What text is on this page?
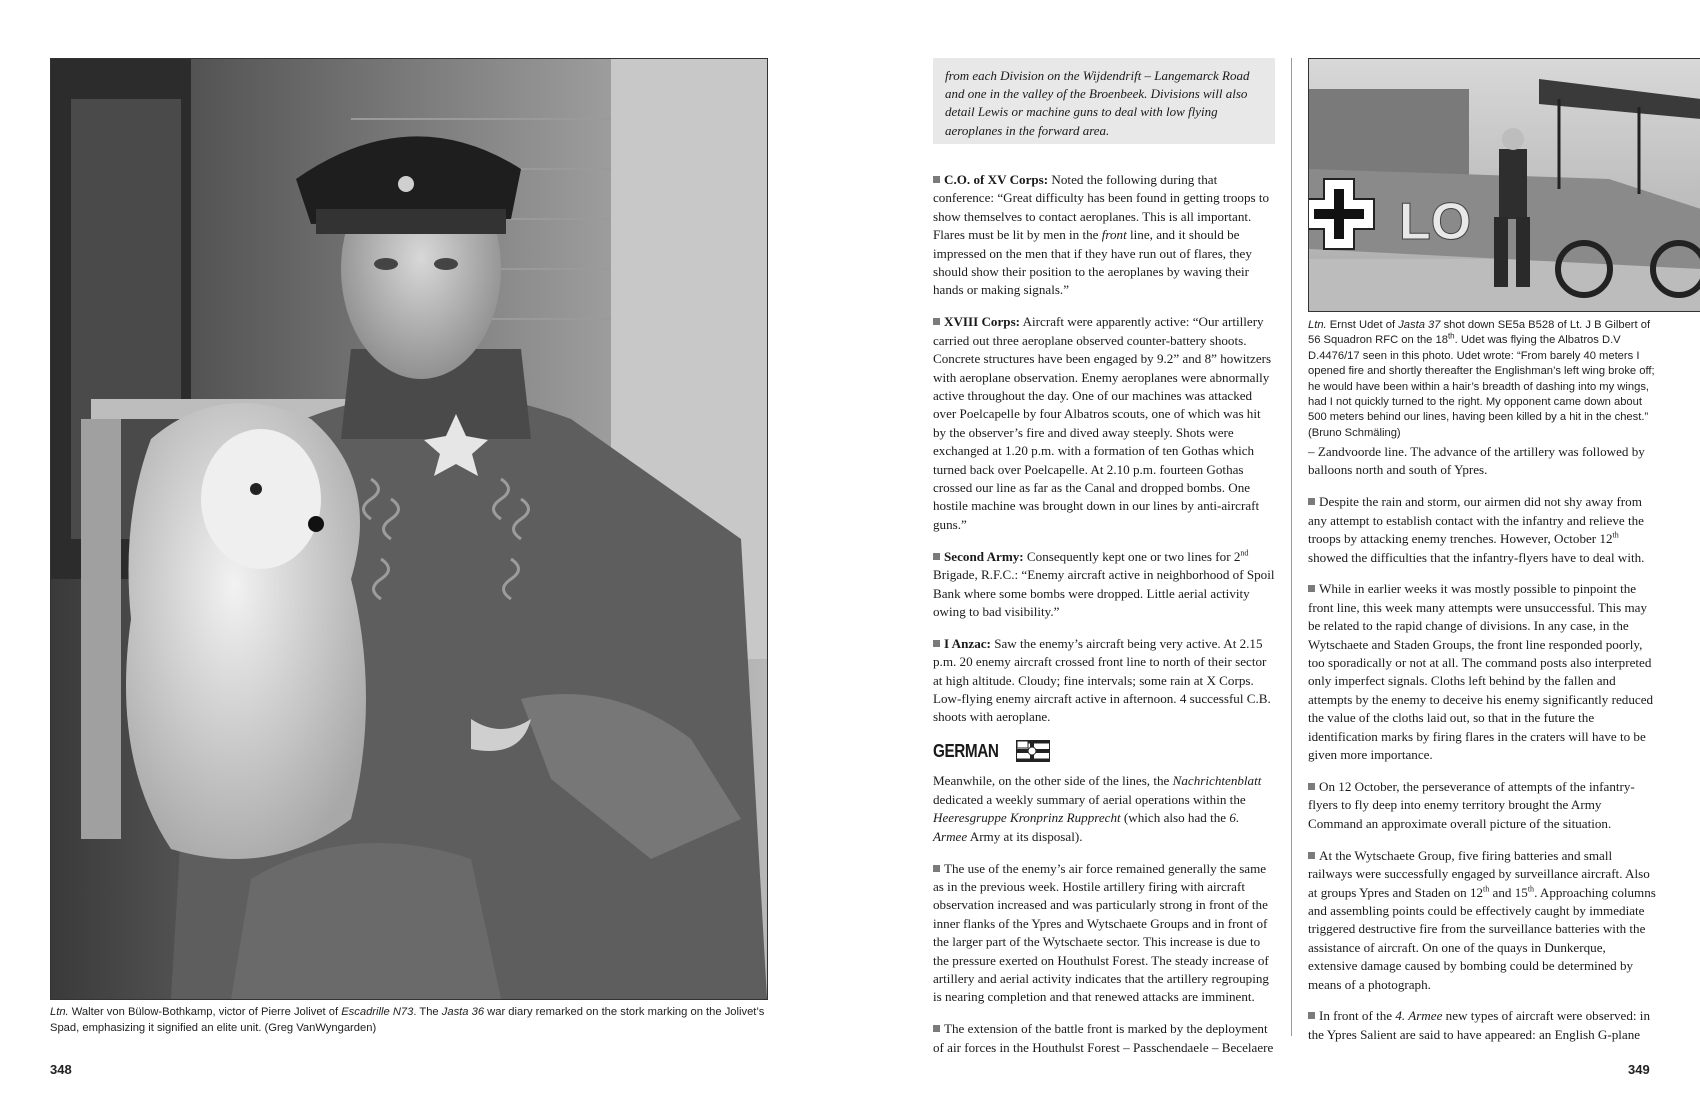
Ltn. Walter von Bülow-Bothkamp, victor of Pierre Jolivet of Escadrille N73. The Jasta 36 war diary remarked on the stork marking on the Jolivet’s Spad, emphasizing it signified an elite unit. (Greg VanWyngarden)
348
from each Division on the Wijdendrift – Langemarck Road and one in the valley of the Broenbeek. Divisions will also detail Lewis or machine guns to deal with low flying aeroplanes in the forward area.

C.O. of XV Corps: Noted the following during that conference: “Great difficulty has been found in getting troops to show themselves to contact aeroplanes. This is all important. Flares must be lit by men in the front line, and it should be impressed on the men that if they have run out of flares, they should show their position to the aeroplanes by waving their hands or making signals.”

XVIII Corps: Aircraft were apparently active: “Our artillery carried out three aeroplane observed counter-battery shoots. Concrete structures have been engaged by 9.2” and 8” howitzers with aeroplane observation. Enemy aeroplanes were abnormally active throughout the day. One of our machines was attacked over Poelcapelle by four Albatros scouts, one of which was hit by the observer’s fire and dived away steeply. Shots were exchanged at 1.20 p.m. with a formation of ten Gothas which turned back over Poelcapelle. At 2.10 p.m. fourteen Gothas crossed our line as far as the Canal and dropped bombs. One hostile machine was brought down in our lines by anti-aircraft guns.”

Second Army: Consequently kept one or two lines for 2nd Brigade, R.F.C.: “Enemy aircraft active in neighborhood of Spoil Bank where some bombs were dropped. Little aerial activity owing to bad visibility.”

I Anzac: Saw the enemy’s aircraft being very active. At 2.15 p.m. 20 enemy aircraft crossed front line to north of their sector at high altitude. Cloudy; fine intervals; some rain at X Corps. Low-flying enemy aircraft active in afternoon. 4 successful C.B. shoots with aeroplane.

GERMAN

Meanwhile, on the other side of the lines, the Nachrichtenblatt dedicated a weekly summary of aerial operations within the Heeresgruppe Kronprinz Rupprecht (which also had the 6. Armee Army at its disposal).

The use of the enemy’s air force remained generally the same as in the previous week. Hostile artillery firing with aircraft observation increased and was particularly strong in front of the inner flanks of the Ypres and Wytschaete Groups and in front of the larger part of the Wytschaete sector. This increase is due to the pressure exerted on Houthulst Forest. The steady increase of artillery and aerial activity indicates that the artillery regrouping is nearing completion and that renewed attacks are imminent.

The extension of the battle front is marked by the deployment of air forces in the Houthulst Forest – Passchendaele – Becelaere

LO
Ltn. Ernst Udet of Jasta 37 shot down SE5a B528 of Lt. J B Gilbert of 56 Squadron RFC on the 18th. Udet was flying the Albatros D.V D.4476/17 seen in this photo. Udet wrote: “From barely 40 meters I opened fire and shortly thereafter the Englishman’s left wing broke off; he would have been within a hair’s breadth of dashing into my wings, had I not quickly turned to the right. My opponent came down about 500 meters behind our lines, having been killed by a hit in the chest.” (Bruno Schmäling)

– Zandvoorde line. The advance of the artillery was followed by balloons north and south of Ypres.

Despite the rain and storm, our airmen did not shy away from any attempt to establish contact with the infantry and relieve the troops by attacking enemy trenches. However, October 12th showed the difficulties that the infantry-flyers have to deal with.

While in earlier weeks it was mostly possible to pinpoint the front line, this week many attempts were unsuccessful. This may be related to the rapid change of divisions. In any case, in the Wytschaete and Staden Groups, the front line responded poorly, too sporadically or not at all. The command posts also interpreted only imperfect signals. Cloths left behind by the fallen and attempts by the enemy to deceive his enemy significantly reduced the value of the cloths laid out, so that in the future the identification marks by firing flares in the craters will have to be given more importance.

On 12 October, the perseverance of attempts of the infantry-flyers to fly deep into enemy territory brought the Army Command an approximate overall picture of the situation.

At the Wytschaete Group, five firing batteries and small railways were successfully engaged by surveillance aircraft. Also at groups Ypres and Staden on 12th and 15th. Approaching columns and assembling points could be effectively caught by immediate triggered destructive fire from the surveillance batteries with the assistance of aircraft. On one of the quays in Dunkerque, extensive damage caused by bombing could be determined by means of a photograph.

In front of the 4. Armee new types of aircraft were observed: in the Ypres Salient are said to have appeared: an English G-plane

349
